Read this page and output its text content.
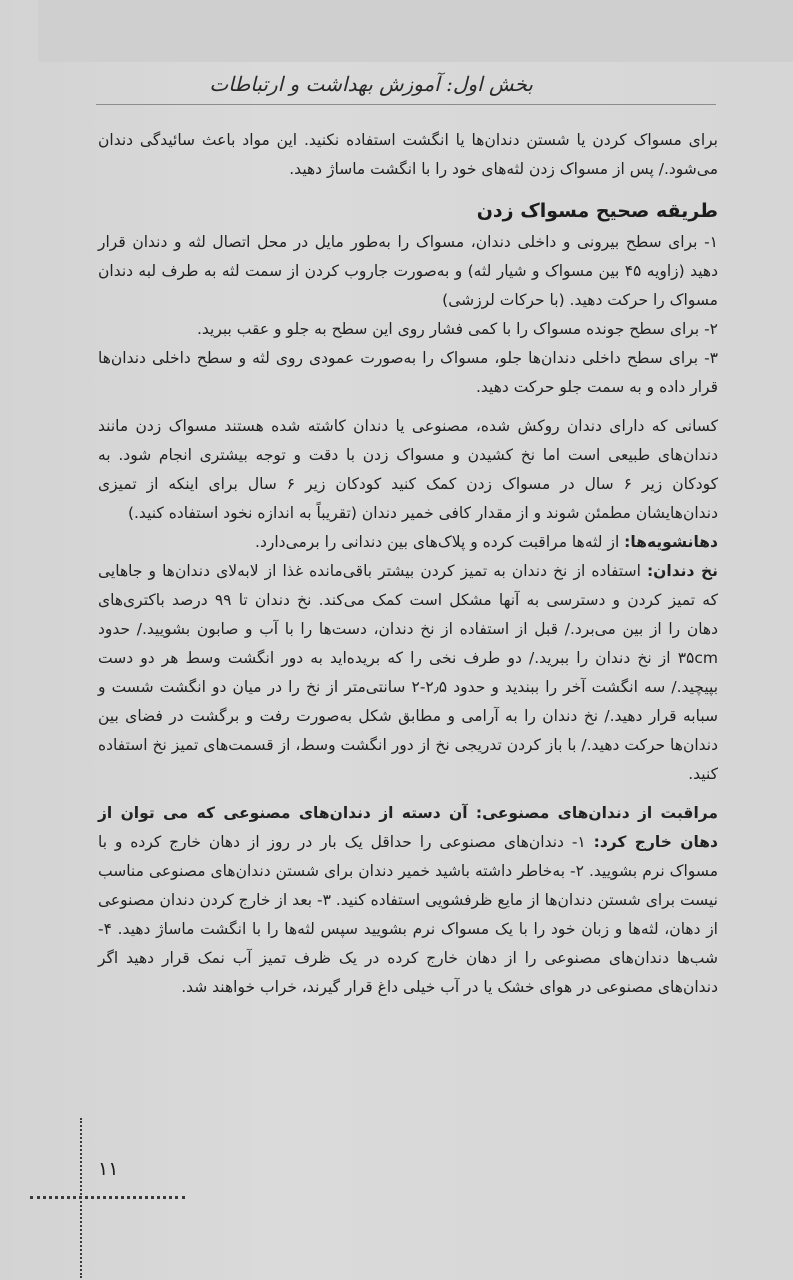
بخش اول: آموزش بهداشت و ارتباطات

برای مسواک کردن یا شستن دندان‌ها یا انگشت استفاده نکنید. این مواد باعث سائیدگی دندان می‌شود./ پس از مسواک زدن لثه‌های خود را با انگشت ماساژ دهید.

طریقه صحیح مسواک زدن

۱- برای سطح بیرونی و داخلی دندان، مسواک را به‌طور مایل در محل اتصال لثه و دندان قرار دهید (زاویه ۴۵ بین مسواک و شیار لثه) و به‌صورت جاروب کردن از سمت لثه به طرف لبه دندان مسواک را حرکت دهید. (با حرکات لرزشی)

۲- برای سطح جونده مسواک را با کمی فشار روی این سطح به جلو و عقب ببرید.

۳- برای سطح داخلی دندان‌ها جلو، مسواک را به‌صورت عمودی روی لثه و سطح داخلی دندان‌ها قرار داده و به سمت جلو حرکت دهید.

کسانی که دارای دندان روکش شده، مصنوعی یا دندان کاشته شده هستند مسواک زدن مانند دندان‌های طبیعی است اما نخ کشیدن و مسواک زدن با دقت و توجه بیشتری انجام شود. به کودکان زیر ۶ سال در مسواک زدن کمک کنید کودکان زیر ۶ سال برای اینکه از تمیزی دندان‌هایشان مطمئن شوند و از مقدار کافی خمیر دندان (تقریباً به اندازه نخود استفاده کنید.)

دهانشویه‌ها: از لثه‌ها مراقبت کرده و پلاک‌های بین دندانی را برمی‌دارد.

نخ دندان: استفاده از نخ دندان به تمیز کردن بیشتر باقی‌مانده غذا از لابه‌لای دندان‌ها و جاهایی که تمیز کردن و دسترسی به آنها مشکل است کمک می‌کند. نخ دندان تا ۹۹ درصد باکتری‌های دهان را از بین می‌برد./ قبل از استفاده از نخ دندان، دست‌ها را با آب و صابون بشویید./ حدود ۳۵cm از نخ دندان را ببرید./ دو طرف نخی را که بریده‌اید به دور انگشت وسط هر دو دست بپیچید./ سه انگشت آخر را ببندید و حدود ۲٫۵-۲ سانتی‌متر از نخ را در میان دو انگشت شست و سبابه قرار دهید./ نخ دندان را به آرامی و مطابق شکل به‌صورت رفت و برگشت در فضای بین دندان‌ها حرکت دهید./ با باز کردن تدریجی نخ از دور انگشت وسط، از قسمت‌های تمیز نخ استفاده کنید.

مراقبت از دندان‌های مصنوعی: آن دسته از دندان‌های مصنوعی که می توان از دهان خارج کرد: ۱- دندان‌های مصنوعی را حداقل یک بار در روز از دهان خارج کرده و با مسواک نرم بشویید. ۲- به‌خاطر داشته باشید خمیر دندان برای شستن دندان‌های مصنوعی مناسب نیست برای شستن دندان‌ها از مایع ظرفشویی استفاده کنید. ۳- بعد از خارج کردن دندان مصنوعی از دهان، لثه‌ها و زبان خود را با یک مسواک نرم بشویید سپس لثه‌ها را با انگشت ماساژ دهید. ۴- شب‌ها دندان‌های مصنوعی را از دهان خارج کرده در یک ظرف تمیز آب نمک قرار دهید اگر دندان‌های مصنوعی در هوای خشک یا در آب خیلی داغ قرار گیرند، خراب خواهند شد.

۱۱
